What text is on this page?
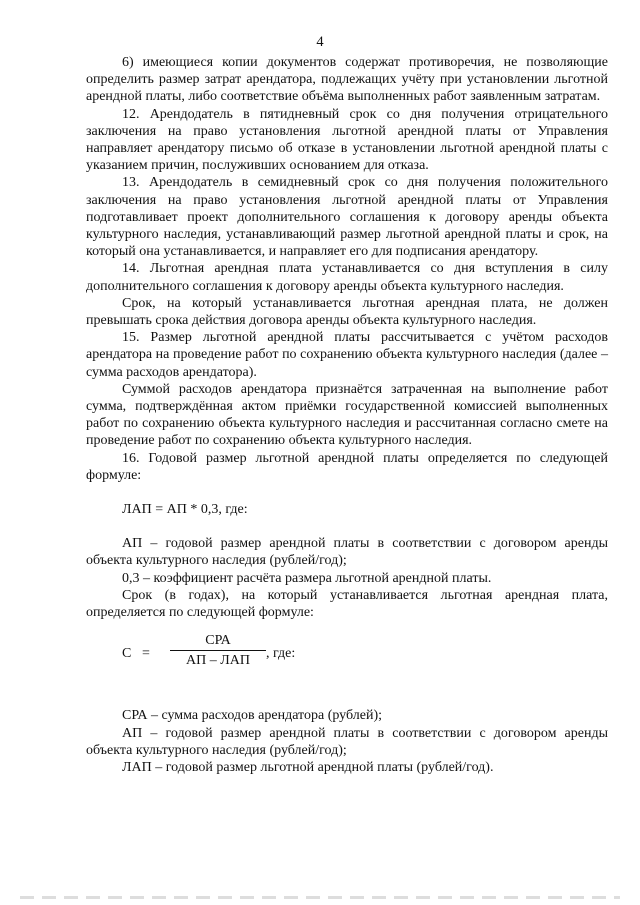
4

6) имеющиеся копии документов содержат противоречия, не позволяющие определить размер затрат арендатора, подлежащих учёту при установлении льготной арендной платы, либо соответствие объёма выполненных работ заявленным затратам.

12. Арендодатель в пятидневный срок со дня получения отрицательного заключения на право установления льготной арендной платы от Управления направляет арендатору письмо об отказе в установлении льготной арендной платы с указанием причин, послуживших основанием для отказа.

13. Арендодатель в семидневный срок со дня получения положительного заключения на право установления льготной арендной платы от Управления подготавливает проект дополнительного соглашения к договору аренды объекта культурного наследия, устанавливающий размер льготной арендной платы и срок, на который она устанавливается, и направляет его для подписания арендатору.

14. Льготная арендная плата устанавливается со дня вступления в силу дополнительного соглашения к договору аренды объекта культурного наследия.

Срок, на который устанавливается льготная арендная плата, не должен превышать срока действия договора аренды объекта культурного наследия.

15. Размер льготной арендной платы рассчитывается с учётом расходов арендатора на проведение работ по сохранению объекта культурного наследия (далее – сумма расходов арендатора).

Суммой расходов арендатора признаётся затраченная на выполнение работ сумма, подтверждённая актом приёмки государственной комиссией выполненных работ по сохранению объекта культурного наследия и рассчитанная согласно смете на проведение работ по сохранению объекта культурного наследия.

16. Годовой размер льготной арендной платы определяется по следующей формуле:

ЛАП = АП * 0,3, где:

АП – годовой размер арендной платы в соответствии с договором аренды объекта культурного наследия (рублей/год);

0,3 – коэффициент расчёта размера льготной арендной платы.

Срок (в годах), на который устанавливается льготная арендная плата, определяется по следующей формуле:

С =
СРА
АП – ЛАП	, где:

СРА – сумма расходов арендатора (рублей);

АП – годовой размер арендной платы в соответствии с договором аренды объекта культурного наследия (рублей/год);

ЛАП – годовой размер льготной арендной платы (рублей/год).
